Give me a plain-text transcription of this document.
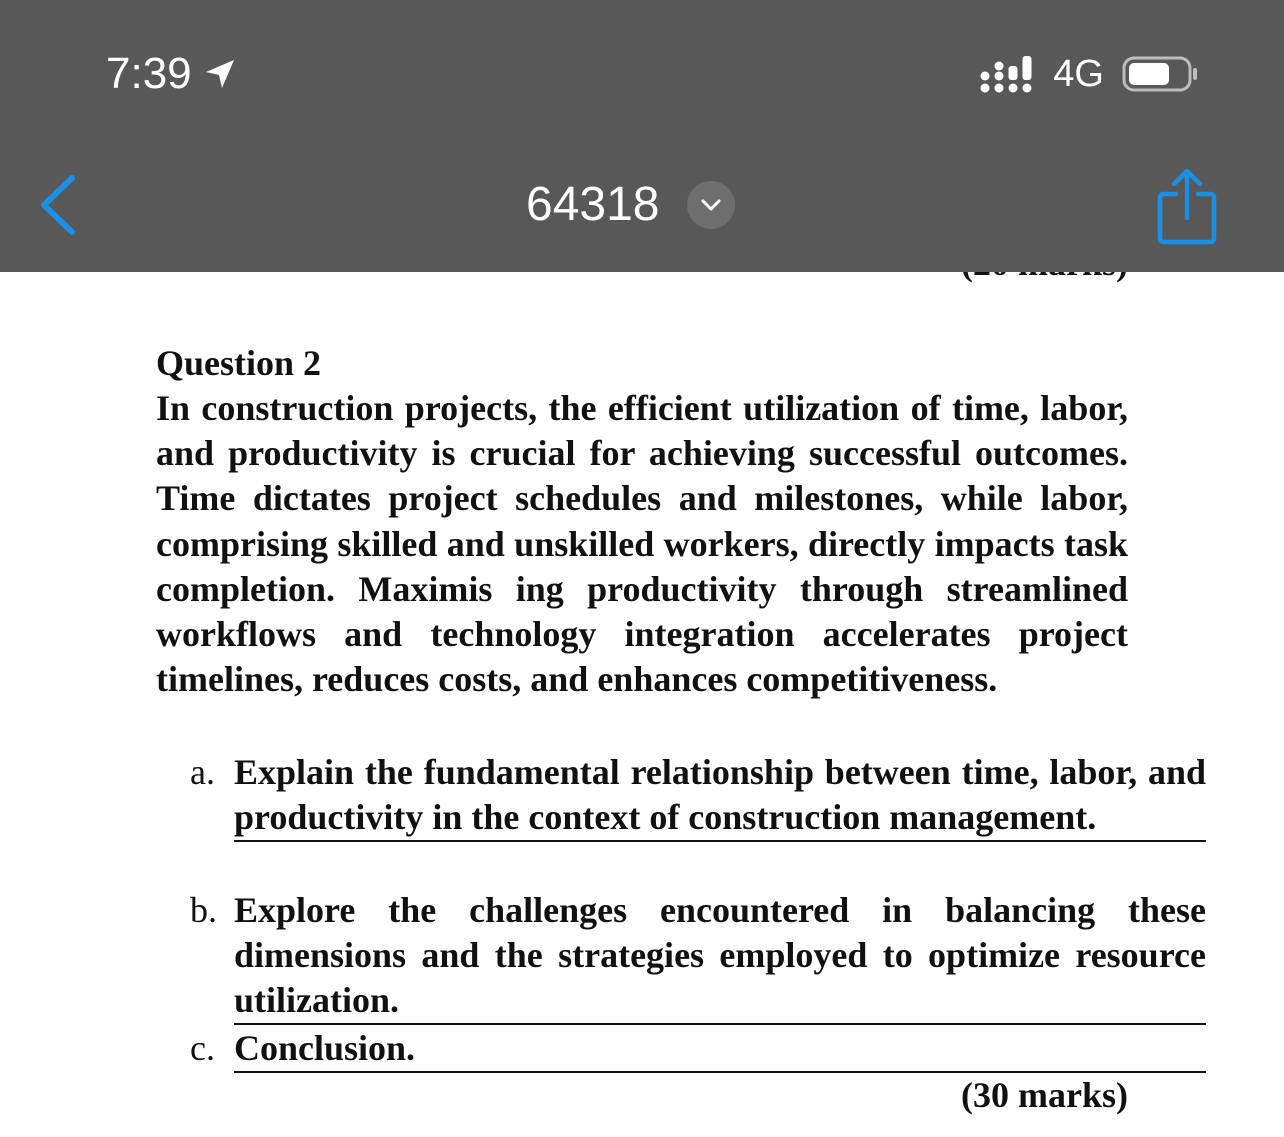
Question 2

In construction projects, the efficient utilization of time, labor, and productivity is crucial for achieving successful outcomes. Time dictates project schedules and milestones, while labor, comprising skilled and unskilled workers, directly impacts task completion. Maximis ing productivity through streamlined workflows and technology integration accelerates project timelines, reduces costs, and enhances competitiveness.

a. Explain the fundamental relationship between time, labor, and productivity in the context of construction management.
b. Explore the challenges encountered in balancing these dimensions and the strategies employed to optimize resource utilization.
c. Conclusion.
(30 marks)
7:39	4G
64318
